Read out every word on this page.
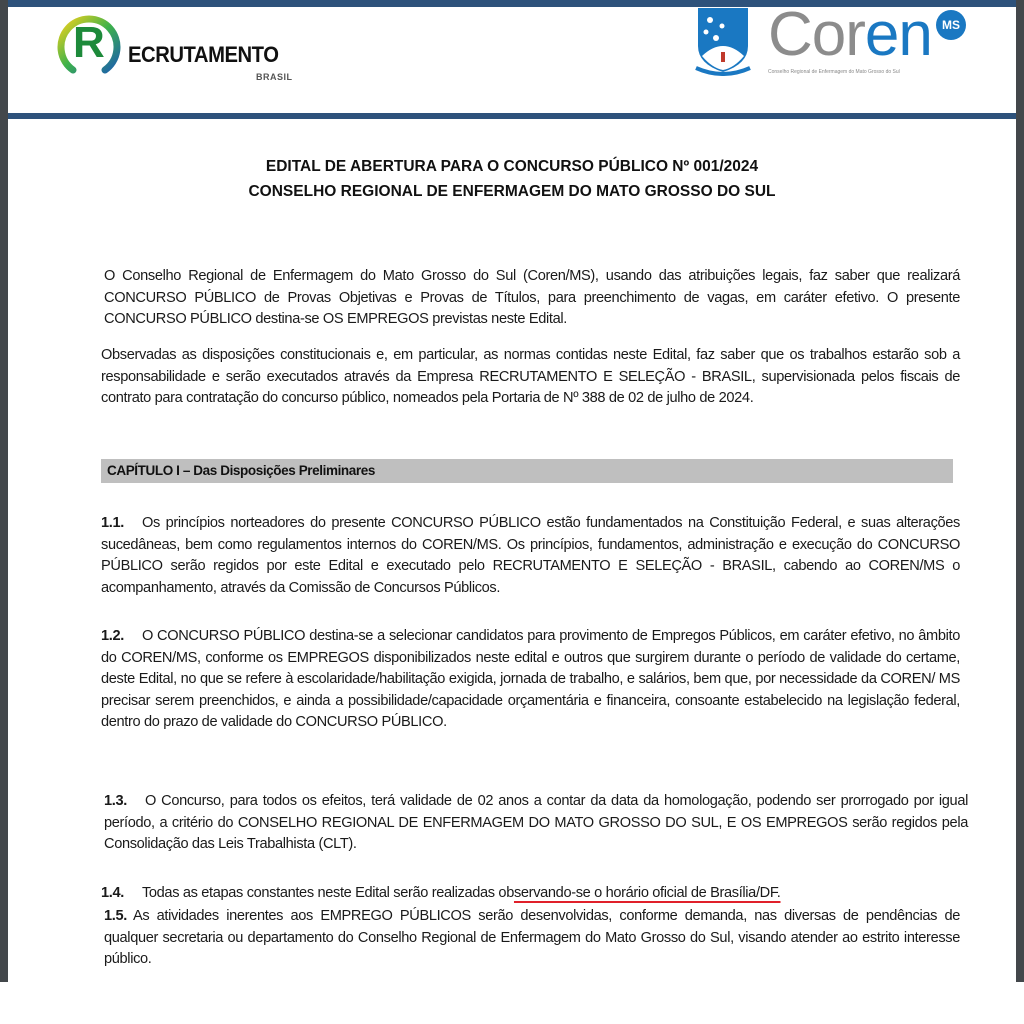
R ECRUTAMENTO
BRASIL
Coren MS
Conselho Regional de Enfermagem do Mato Grosso do Sul
EDITAL DE ABERTURA PARA O CONCURSO PÚBLICO Nº 001/2024
CONSELHO REGIONAL DE ENFERMAGEM DO MATO GROSSO DO SUL
O Conselho Regional de Enfermagem do Mato Grosso do Sul (Coren/MS), usando das atribuições legais, faz saber que realizará CONCURSO PÚBLICO de Provas Objetivas e Provas de Títulos, para preenchimento de vagas, em caráter efetivo. O presente CONCURSO PÚBLICO destina-se OS EMPREGOS previstas neste Edital.
Observadas as disposições constitucionais e, em particular, as normas contidas neste Edital, faz saber que os trabalhos estarão sob a responsabilidade e serão executados através da Empresa RECRUTAMENTO E SELEÇÃO - BRASIL, supervisionada pelos fiscais de contrato para contratação do concurso público, nomeados pela Portaria de Nº 388 de 02 de julho de 2024.
CAPÍTULO I – Das Disposições Preliminares
1.1. Os princípios norteadores do presente CONCURSO PÚBLICO estão fundamentados na Constituição Federal, e suas alterações sucedâneas, bem como regulamentos internos do COREN/MS. Os princípios, fundamentos, administração e execução do CONCURSO PÚBLICO serão regidos por este Edital e executado pelo RECRUTAMENTO E SELEÇÃO - BRASIL, cabendo ao COREN/MS o acompanhamento, através da Comissão de Concursos Públicos.
1.2. O CONCURSO PÚBLICO destina-se a selecionar candidatos para provimento de Empregos Públicos, em caráter efetivo, no âmbito do COREN/MS, conforme os EMPREGOS disponibilizados neste edital e outros que surgirem durante o período de validade do certame, deste Edital, no que se refere à escolaridade/habilitação exigida, jornada de trabalho, e salários, bem que, por necessidade da COREN/ MS precisar serem preenchidos, e ainda a possibilidade/capacidade orçamentária e financeira, consoante estabelecido na legislação federal, dentro do prazo de validade do CONCURSO PÚBLICO.
1.3. O Concurso, para todos os efeitos, terá validade de 02 anos a contar da data da homologação, podendo ser prorrogado por igual período, a critério do CONSELHO REGIONAL DE ENFERMAGEM DO MATO GROSSO DO SUL, E OS EMPREGOS serão regidos pela Consolidação das Leis Trabalhista (CLT).
1.4. Todas as etapas constantes neste Edital serão realizadas observando-se o horário oficial de Brasília/DF.
1.5. As atividades inerentes aos EMPREGO PÚBLICOS serão desenvolvidas, conforme demanda, nas diversas de pendências de qualquer secretaria ou departamento do Conselho Regional de Enfermagem do Mato Grosso do Sul, visando atender ao estrito interesse público.
